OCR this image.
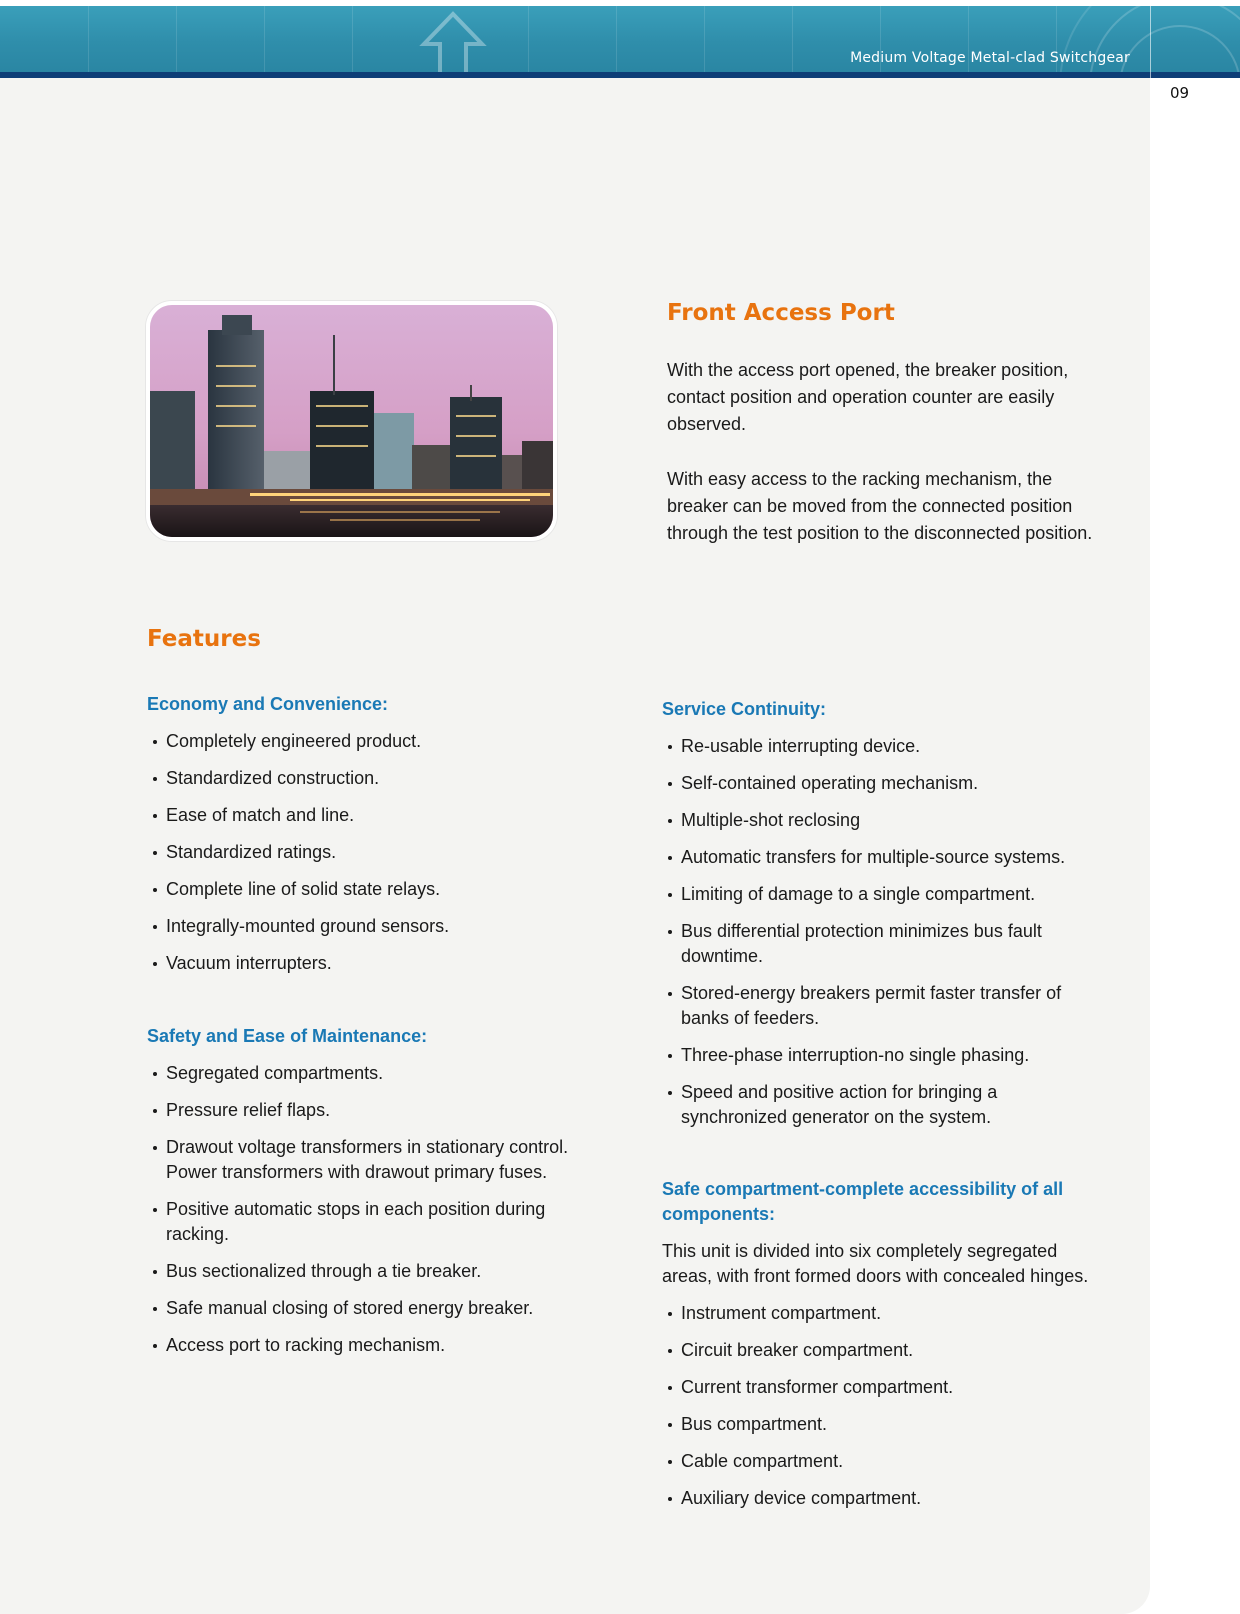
Medium Voltage Metal-clad Switchgear
09
Front Access Port
With the access port opened, the breaker position, contact position and operation counter are easily observed.
With easy access to the racking mechanism, the breaker can be moved from the connected position through the test position to the disconnected position.
Features
Economy and Convenience:
Completely engineered product.
Standardized construction.
Ease of match and line.
Standardized ratings.
Complete line of solid state relays.
Integrally-mounted ground sensors.
Vacuum interrupters.
Safety and Ease of Maintenance:
Segregated compartments.
Pressure relief flaps.
Drawout voltage transformers in stationary control. Power transformers with drawout primary fuses.
Positive automatic stops in each position during racking.
Bus sectionalized through a tie breaker.
Safe manual closing of stored energy breaker.
Access port to racking mechanism.
Service Continuity:
Re-usable interrupting device.
Self-contained operating mechanism.
Multiple-shot reclosing
Automatic transfers for multiple-source systems.
Limiting of damage to a single compartment.
Bus differential protection minimizes bus fault downtime.
Stored-energy breakers permit faster transfer of banks of feeders.
Three-phase interruption-no single phasing.
Speed and positive action for bringing a synchronized generator on the system.
Safe compartment-complete accessibility of all components:
This unit is divided into six completely segregated areas, with front formed doors with concealed hinges.
Instrument compartment.
Circuit breaker compartment.
Current transformer compartment.
Bus compartment.
Cable compartment.
Auxiliary device compartment.
